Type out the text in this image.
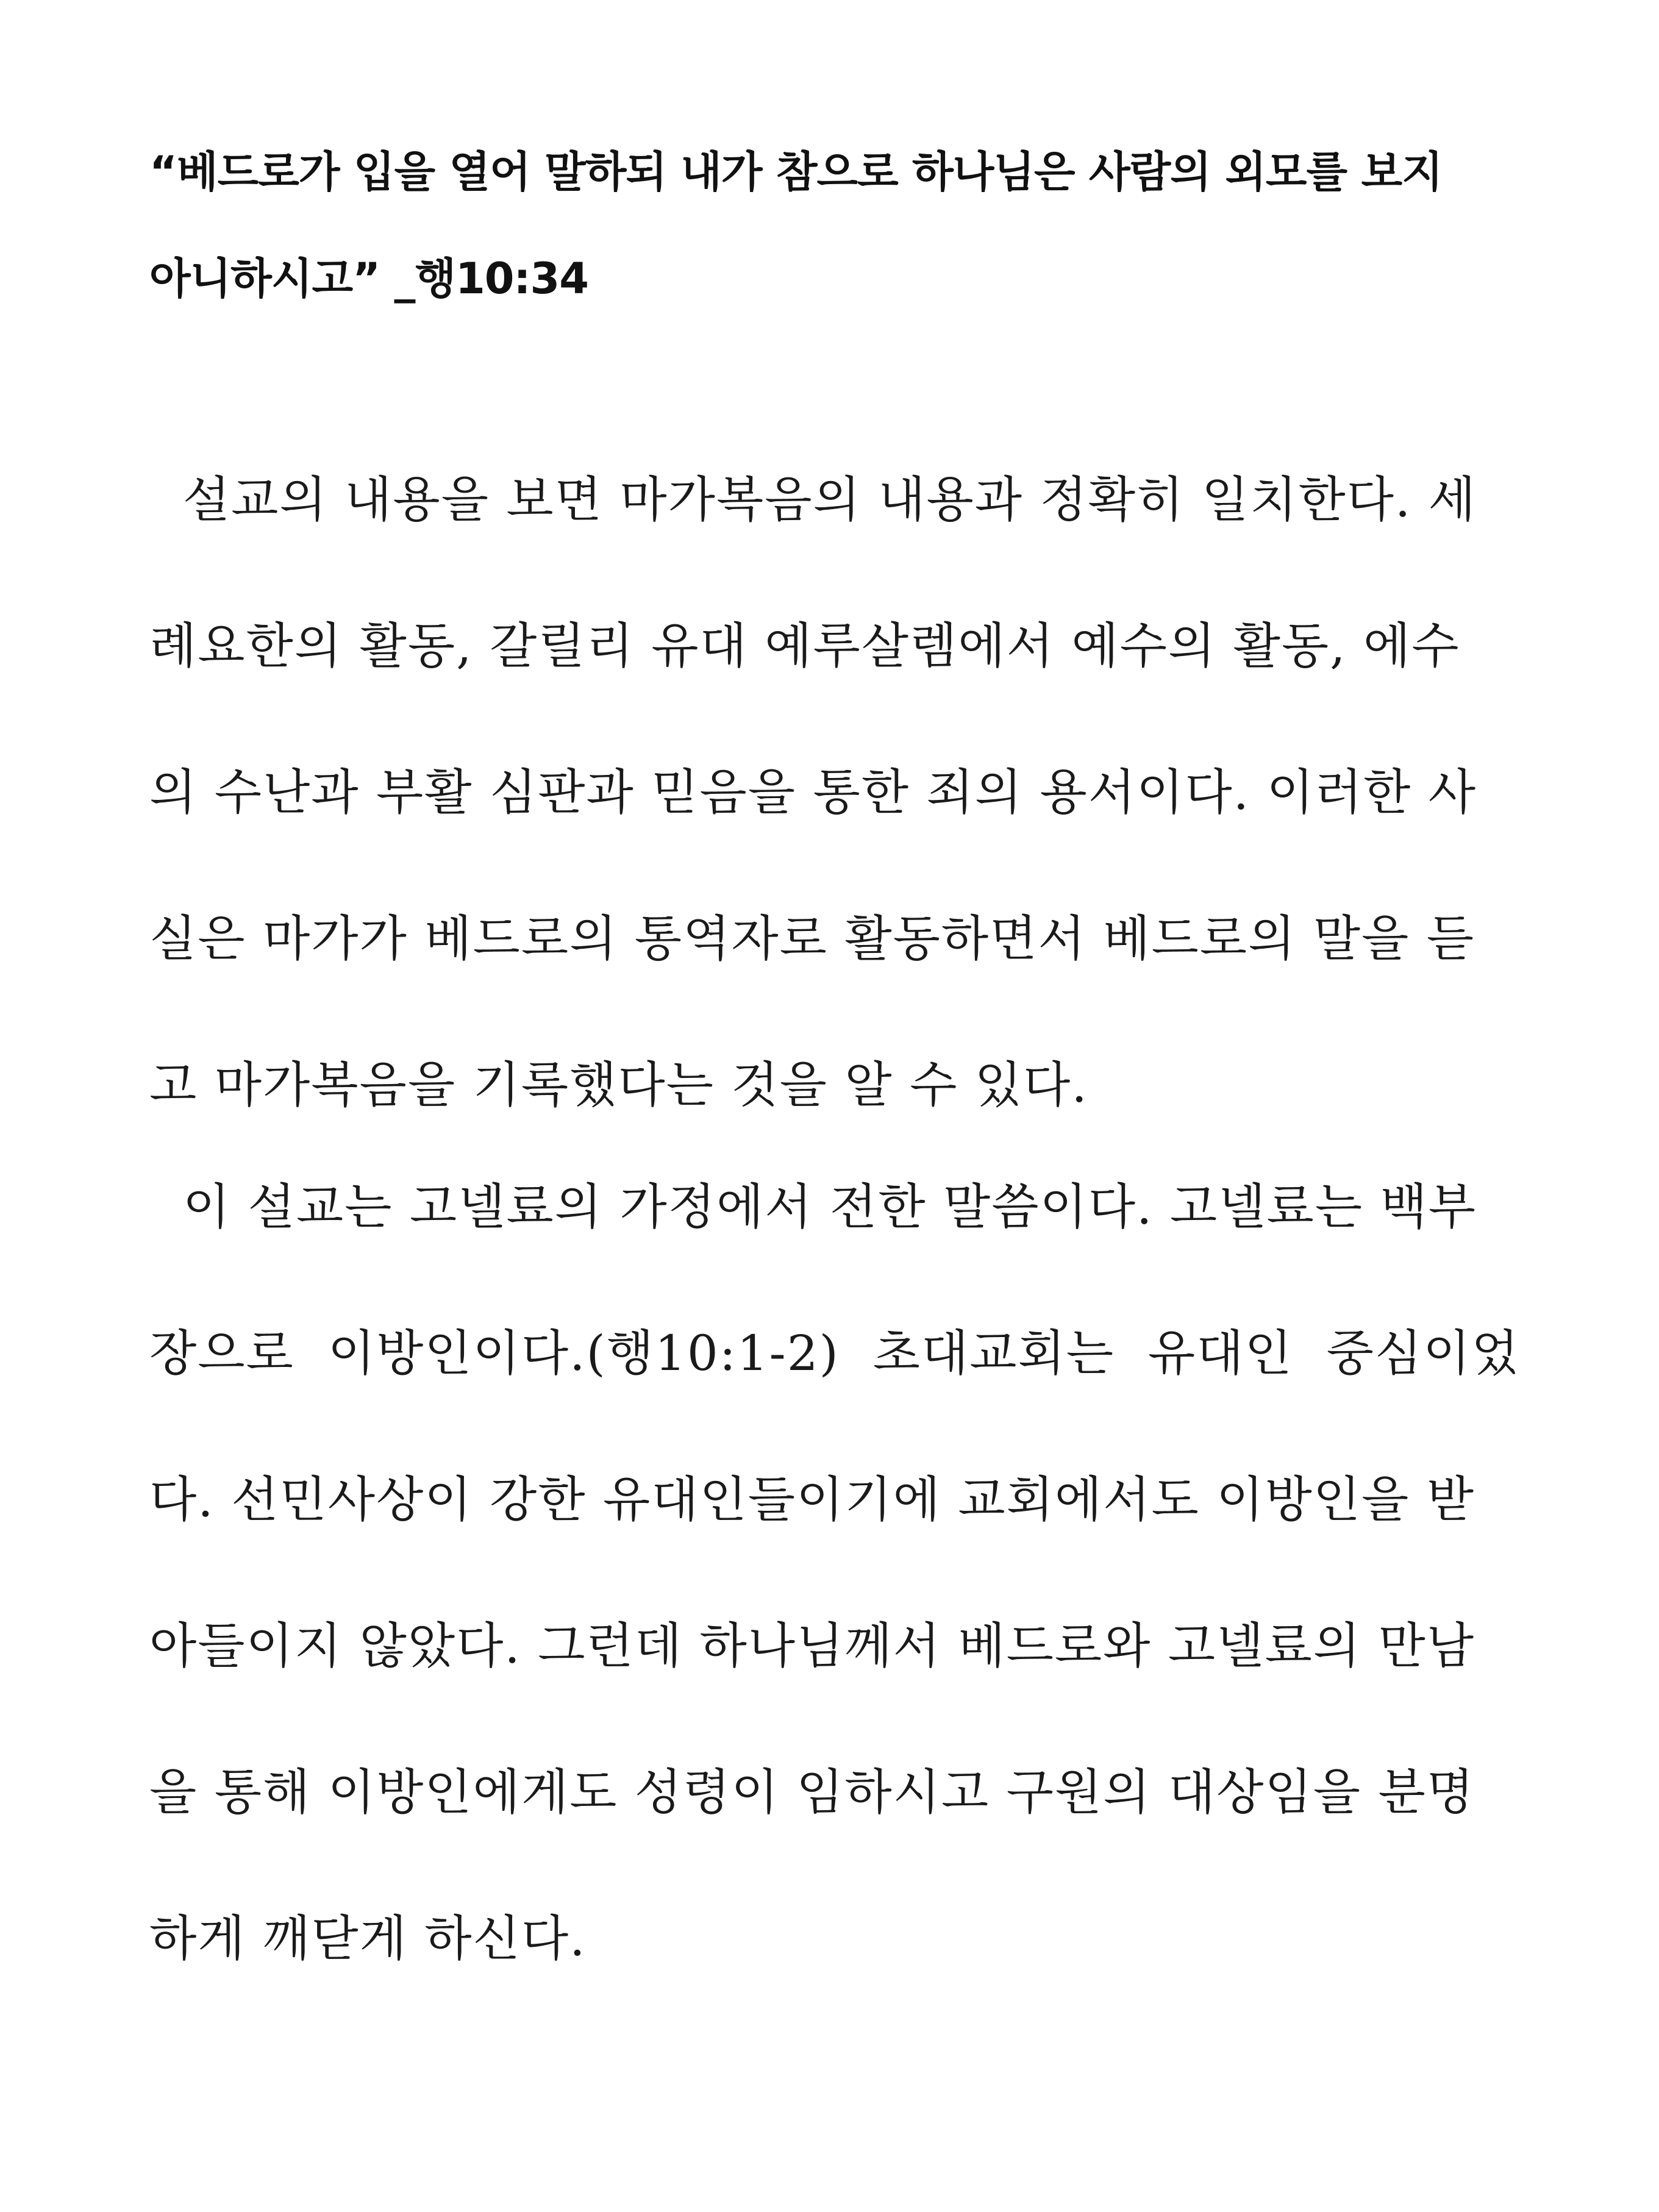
“베드로가 입을 열어 말하되 내가 참으로 하나님은 사람의 외모를 보지
아니하시고” _행10:34

설교의 내용을 보면 마가복음의 내용과 정확히 일치한다. 세
례요한의 활동, 갈릴리 유대 예루살렘에서 예수의 활동, 에수
의 수난과 부활 심판과 믿음을 통한 죄의 용서이다. 이러한 사
실은 마가가 베드로의 통역자로 활동하면서 베드로의 말을 듣
고 마가복음을 기록했다는 것을 알 수 있다.

이 설교는 고넬료의 가정에서 전한 말씀이다. 고넬료는 백부
장으로  이방인이다.(행10:1-2)  초대교회는  유대인  중심이었
다. 선민사상이 강한 유대인들이기에 교회에서도 이방인을 받
아들이지 않았다. 그런데 하나님께서 베드로와 고넬료의 만남
을 통해 이방인에게도 성령이 임하시고 구원의 대상임을 분명
하게 깨닫게 하신다.
